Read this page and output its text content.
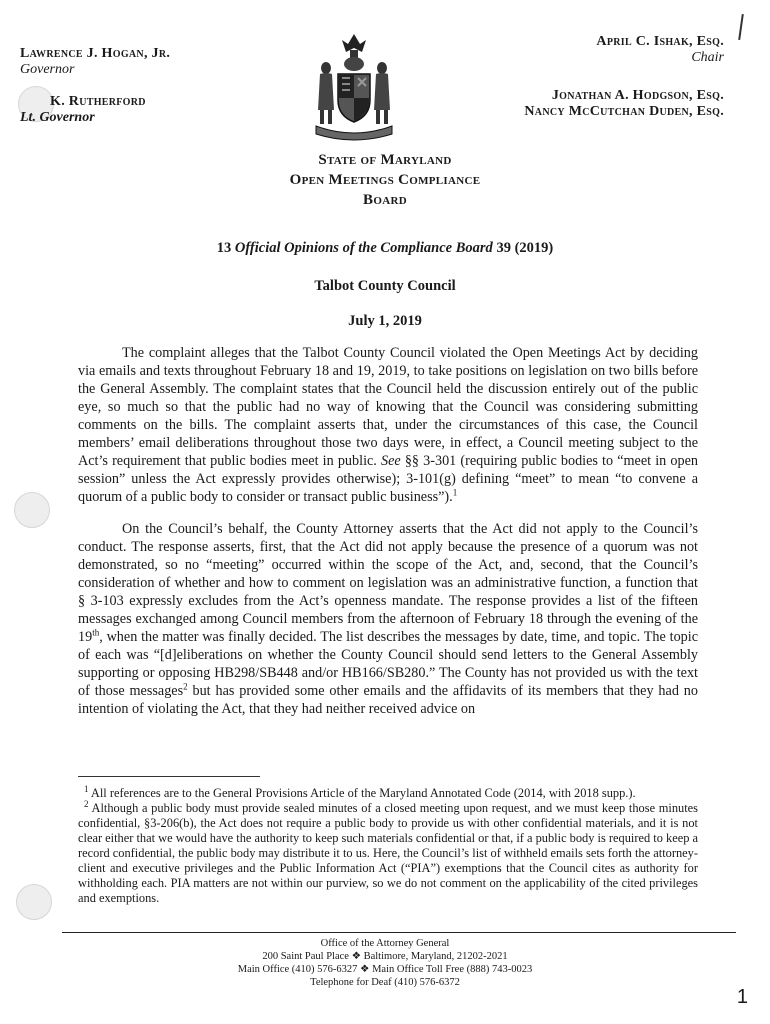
Lawrence J. Hogan, Jr.
Governor
K. Rutherford
Lt. Governor
April C. Ishak, Esq.
Chair
Jonathan A. Hodgson, Esq.
Nancy McCutchan Duden, Esq.
State of Maryland
Open Meetings Compliance
Board
13 Official Opinions of the Compliance Board 39 (2019)
Talbot County Council
July 1, 2019

The complaint alleges that the Talbot County Council violated the Open Meetings Act by deciding via emails and texts throughout February 18 and 19, 2019, to take positions on legislation on two bills before the General Assembly. The complaint states that the Council held the discussion entirely out of the public eye, so much so that the public had no way of knowing that the Council was considering submitting comments on the bills. The complaint asserts that, under the circumstances of this case, the Council members’ email deliberations throughout those two days were, in effect, a Council meeting subject to the Act’s requirement that public bodies meet in public. See §§ 3-301 (requiring public bodies to “meet in open session” unless the Act expressly provides otherwise); 3-101(g) defining “meet” to mean “to convene a quorum of a public body to consider or transact public business”).$^1$

On the Council’s behalf, the County Attorney asserts that the Act did not apply to the Council’s conduct. The response asserts, first, that the Act did not apply because the presence of a quorum was not demonstrated, so no “meeting” occurred within the scope of the Act, and, second, that the Council’s consideration of whether and how to comment on legislation was an administrative function, a function that § 3-103 expressly excludes from the Act’s openness mandate. The response provides a list of the fifteen messages exchanged among Council members from the afternoon of February 18 through the evening of the 19th, when the matter was finally decided. The list describes the messages by date, time, and topic. The topic of each was “[d]eliberations on whether the County Council should send letters to the General Assembly supporting or opposing HB298/SB448 and/or HB166/SB280.” The County has not provided us with the text of those messages$^2$ but has provided some other emails and the affidavits of its members that they had no intention of violating the Act, that they had neither received advice on

$^1$ All references are to the General Provisions Article of the Maryland Annotated Code (2014, with 2018 supp.).

$^2$ Although a public body must provide sealed minutes of a closed meeting upon request, and we must keep those minutes confidential, §3-206(b), the Act does not require a public body to provide us with other confidential materials, and it is not clear either that we would have the authority to keep such materials confidential or that, if a public body is required to keep a record confidential, the public body may distribute it to us. Here, the Council’s list of withheld emails sets forth the attorney-client and executive privileges and the Public Information Act (“PIA”) exemptions that the Council cites as authority for withholding each. PIA matters are not within our purview, so we do not comment on the applicability of the cited privileges and exemptions.

Office of the Attorney General
200 Saint Paul Place ❖ Baltimore, Maryland, 21202-2021
Main Office (410) 576-6327 ❖ Main Office Toll Free (888) 743-0023
Telephone for Deaf (410) 576-6372
1
